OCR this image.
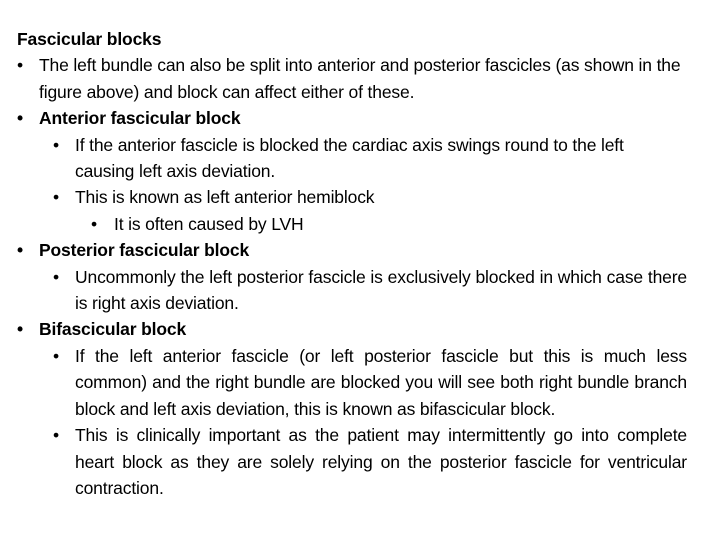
Fascicular blocks

• The left bundle can also be split into anterior and posterior fascicles (as shown in the figure above) and block can affect either of these.
• Anterior fascicular block
• If the anterior fascicle is blocked the cardiac axis swings round to the left causing left axis deviation.
• This is known as left anterior hemiblock
• It is often caused by LVH
• Posterior fascicular block
• Uncommonly the left posterior fascicle is exclusively blocked in which case there is right axis deviation.
• Bifascicular block
• If the left anterior fascicle (or left posterior fascicle but this is much less common) and the right bundle are blocked you will see both right bundle branch block and left axis deviation, this is known as bifascicular block.
• This is clinically important as the patient may intermittently go into complete heart block as they are solely relying on the posterior fascicle for ventricular contraction.
